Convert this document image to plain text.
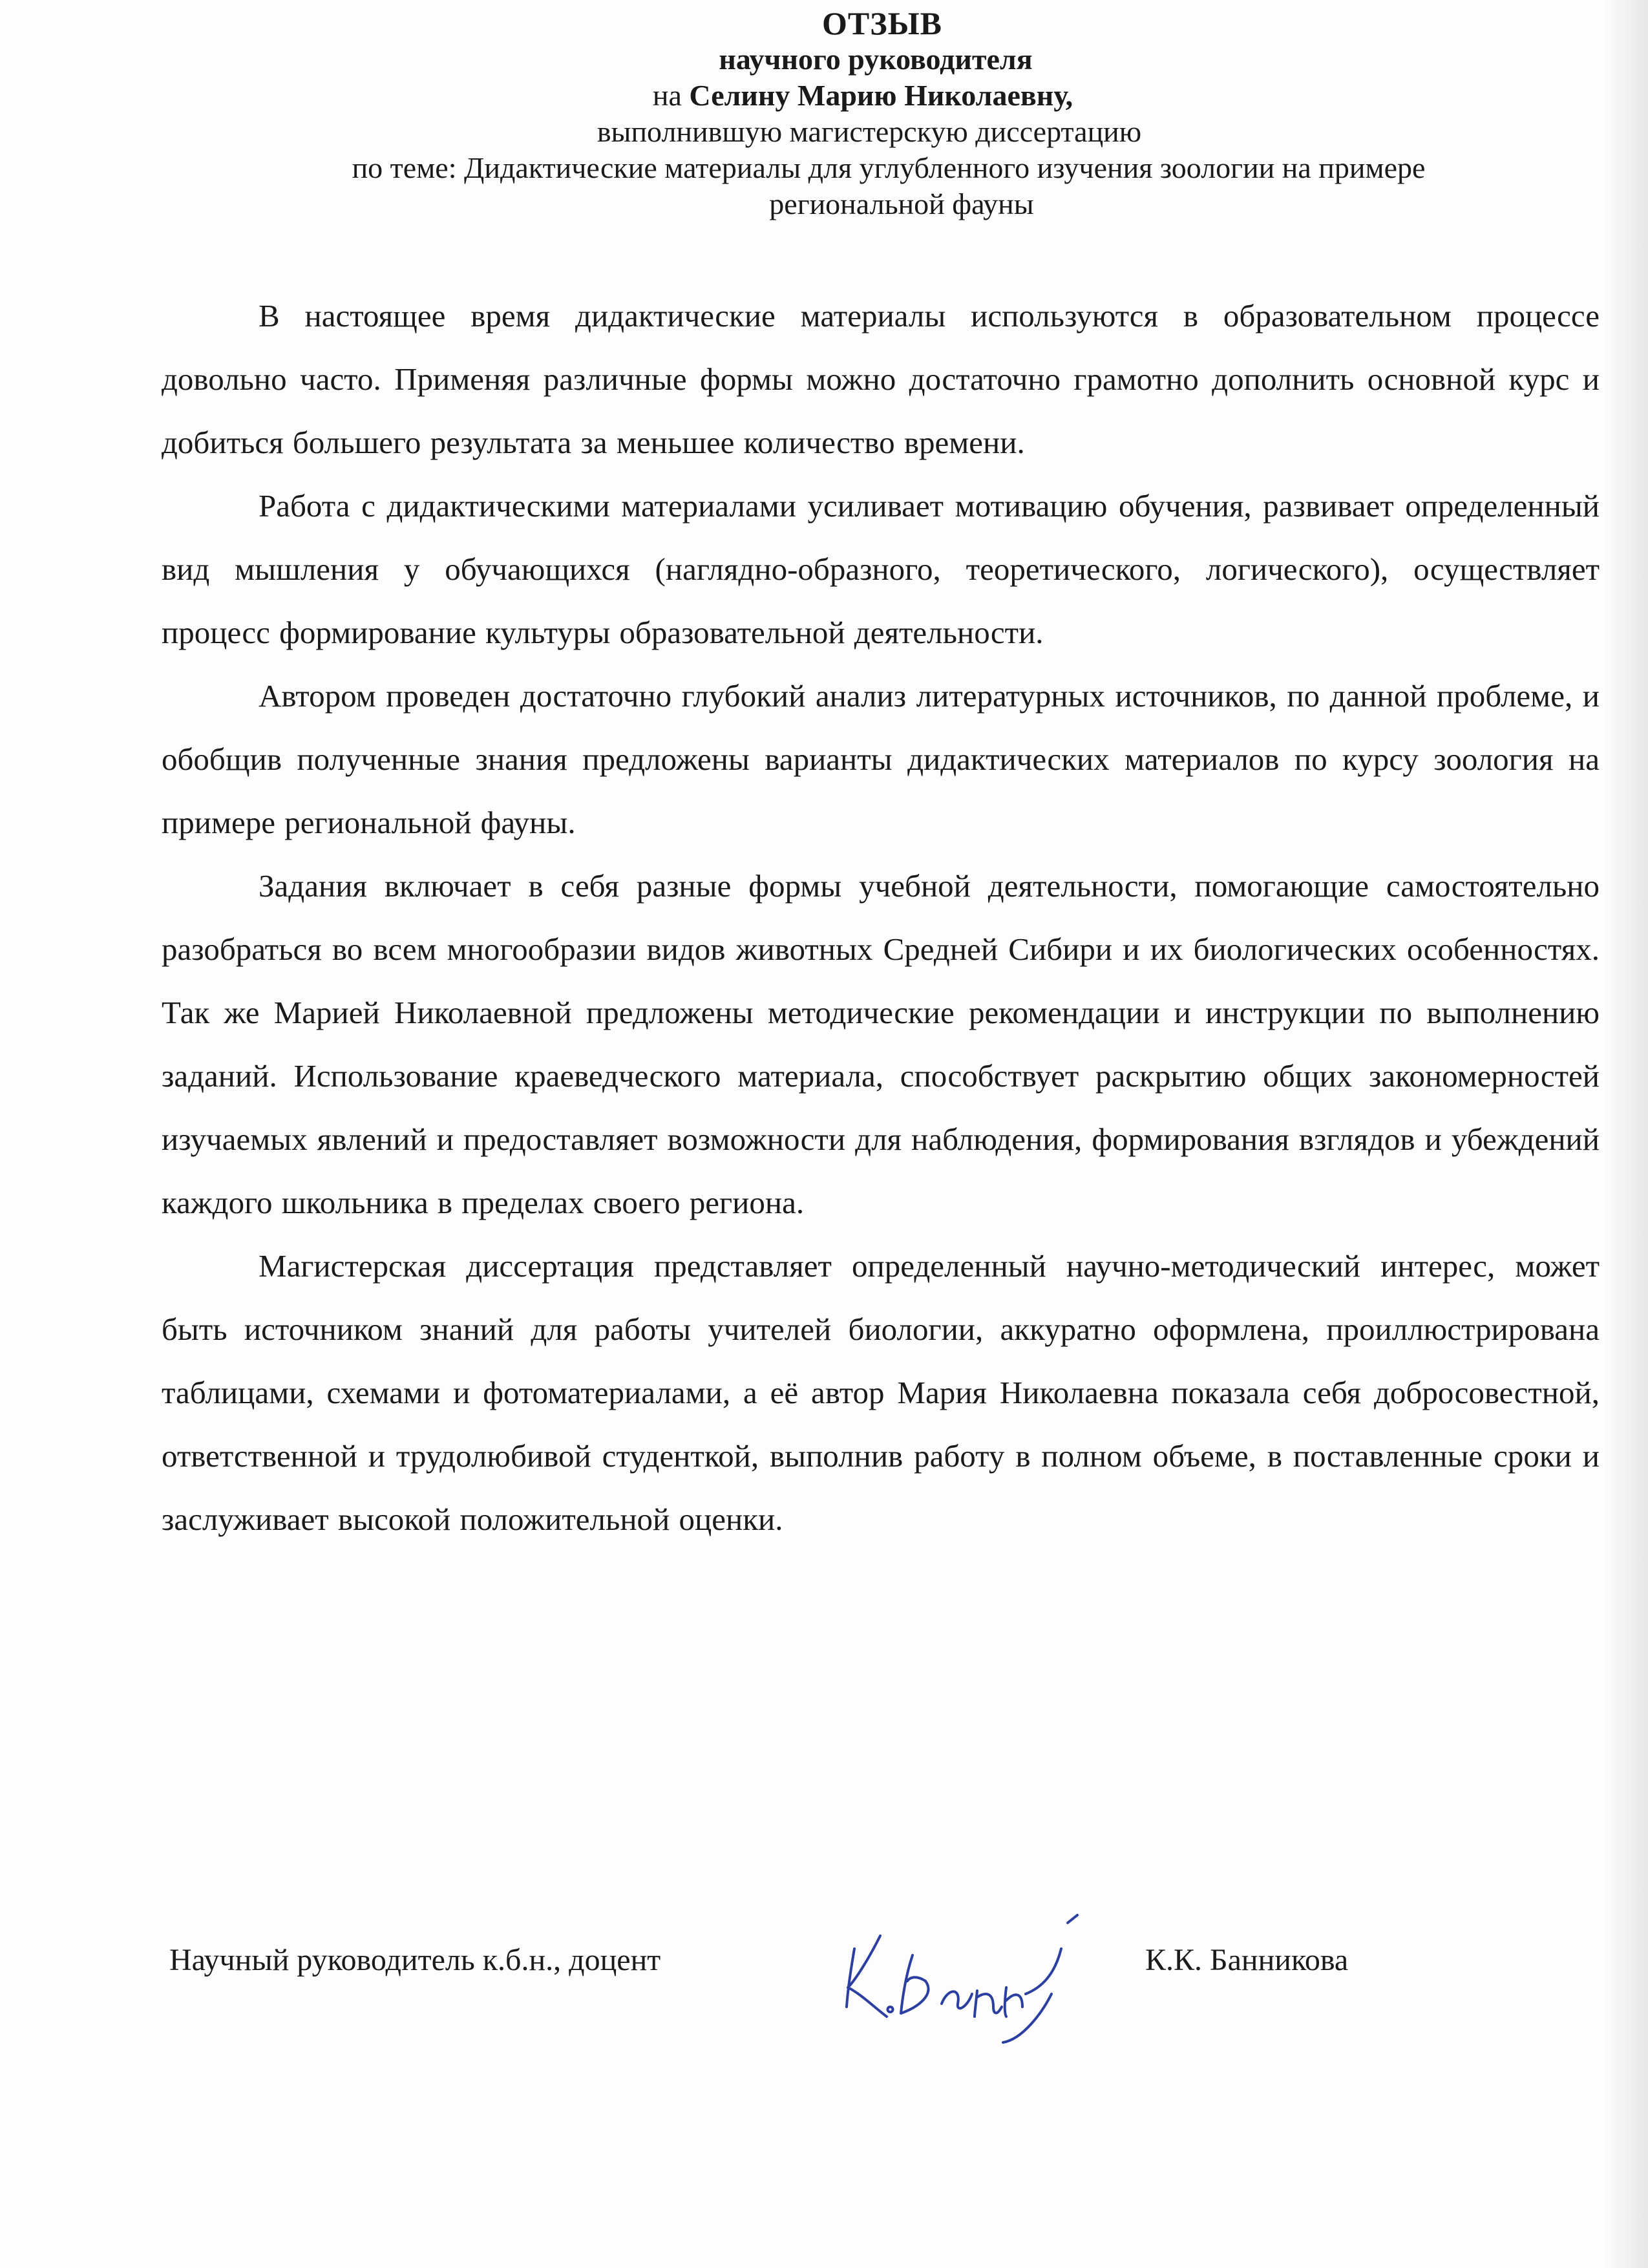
ОТЗЫВ
научного руководителя
на Селину Марию Николаевну,
выполнившую магистерскую диссертацию
по теме: Дидактические материалы для углубленного изучения зоологии на примере
региональной фауны

В настоящее время дидактические материалы используются в образовательном процессе довольно часто. Применяя различные формы можно достаточно грамотно дополнить основной курс и добиться большего результата за меньшее количество времени.

Работа с дидактическими материалами усиливает мотивацию обучения, развивает определенный вид мышления у обучающихся (наглядно-образного, теоретического, логического), осуществляет процесс формирование культуры образовательной деятельности.

Автором проведен достаточно глубокий анализ литературных источников, по данной проблеме, и обобщив полученные знания предложены варианты дидактических материалов по курсу зоология на примере региональной фауны.

Задания включает в себя разные формы учебной деятельности, помогающие самостоятельно разобраться во всем многообразии видов животных Средней Сибири и их биологических особенностях. Так же Марией Николаевной предложены методические рекомендации и инструкции по выполнению заданий. Использование краеведческого материала, способствует раскрытию общих закономерностей изучаемых явлений и предоставляет возможности для наблюдения, формирования взглядов и убеждений каждого школьника в пределах своего региона.

Магистерская диссертация представляет определенный научно-методический интерес, может быть источником знаний для работы учителей биологии, аккуратно оформлена, проиллюстрирована таблицами, схемами и фотоматериалами, а её автор Мария Николаевна показала себя добросовестной, ответственной и трудолюбивой студенткой, выполнив работу в полном объеме, в поставленные сроки и заслуживает высокой положительной оценки.

Научный руководитель к.б.н., доцент	К.К. Банникова
